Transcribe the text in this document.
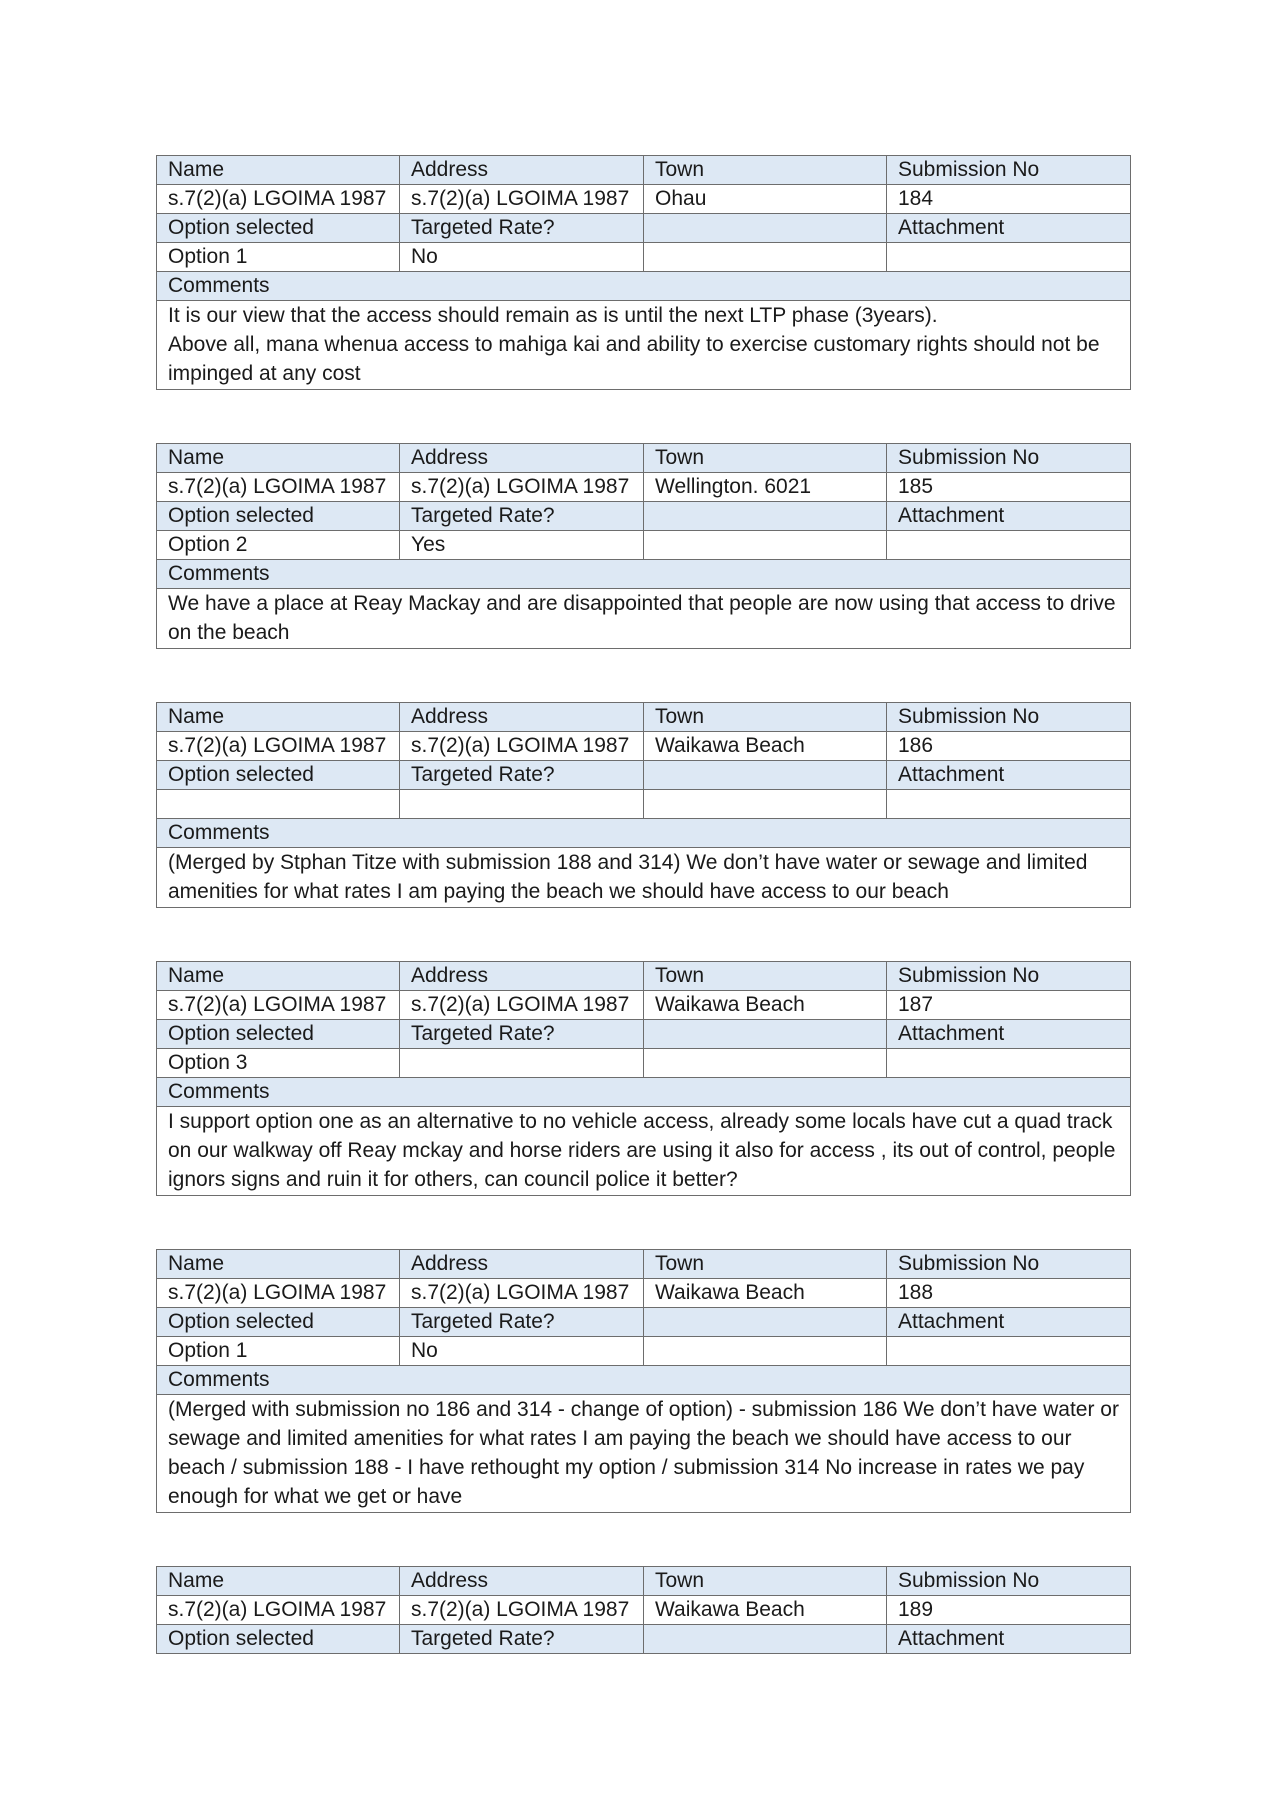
Name	Address	Town	Submission No
s.7(2)(a) LGOIMA 1987	s.7(2)(a) LGOIMA 1987	Ohau	184
Option selected	Targeted Rate?		Attachment
Option 1	No		
Comments			

It is our view that the access should remain as is until the next LTP phase (3years).
Above all, mana whenua access to mahiga kai and ability to exercise customary rights should not be impinged at any cost			
Name	Address	Town	Submission No
s.7(2)(a) LGOIMA 1987	s.7(2)(a) LGOIMA 1987	Wellington. 6021	185
Option selected	Targeted Rate?		Attachment
Option 2	Yes		
Comments			

We have a place at Reay Mackay and are disappointed that people are now using that access to drive on the beach			
Name	Address	Town	Submission No
s.7(2)(a) LGOIMA 1987	s.7(2)(a) LGOIMA 1987	Waikawa Beach	186
Option selected	Targeted Rate?		Attachment

Comments			

(Merged by Stphan Titze with submission 188 and 314) We don’t have water or sewage and limited amenities for what rates I am paying the beach we should have access to our beach			
Name	Address	Town	Submission No
s.7(2)(a) LGOIMA 1987	s.7(2)(a) LGOIMA 1987	Waikawa Beach	187
Option selected	Targeted Rate?		Attachment
Option 3			
Comments			

I support option one as an alternative to no vehicle access, already some locals have cut a quad track on our walkway off Reay mckay and horse riders are using it also for access , its out of control, people ignors signs and ruin it for others, can council police it better?			
Name	Address	Town	Submission No
s.7(2)(a) LGOIMA 1987	s.7(2)(a) LGOIMA 1987	Waikawa Beach	188
Option selected	Targeted Rate?		Attachment
Option 1	No		
Comments			

(Merged with submission no 186 and 314 - change of option) - submission 186 We don’t have water or sewage and limited amenities for what rates I am paying the beach we should have access to our beach / submission 188 - I have rethought my option / submission 314 No increase in rates we pay enough for what we get or have			
Name	Address	Town	Submission No
s.7(2)(a) LGOIMA 1987	s.7(2)(a) LGOIMA 1987	Waikawa Beach	189
Option selected	Targeted Rate?		Attachment
